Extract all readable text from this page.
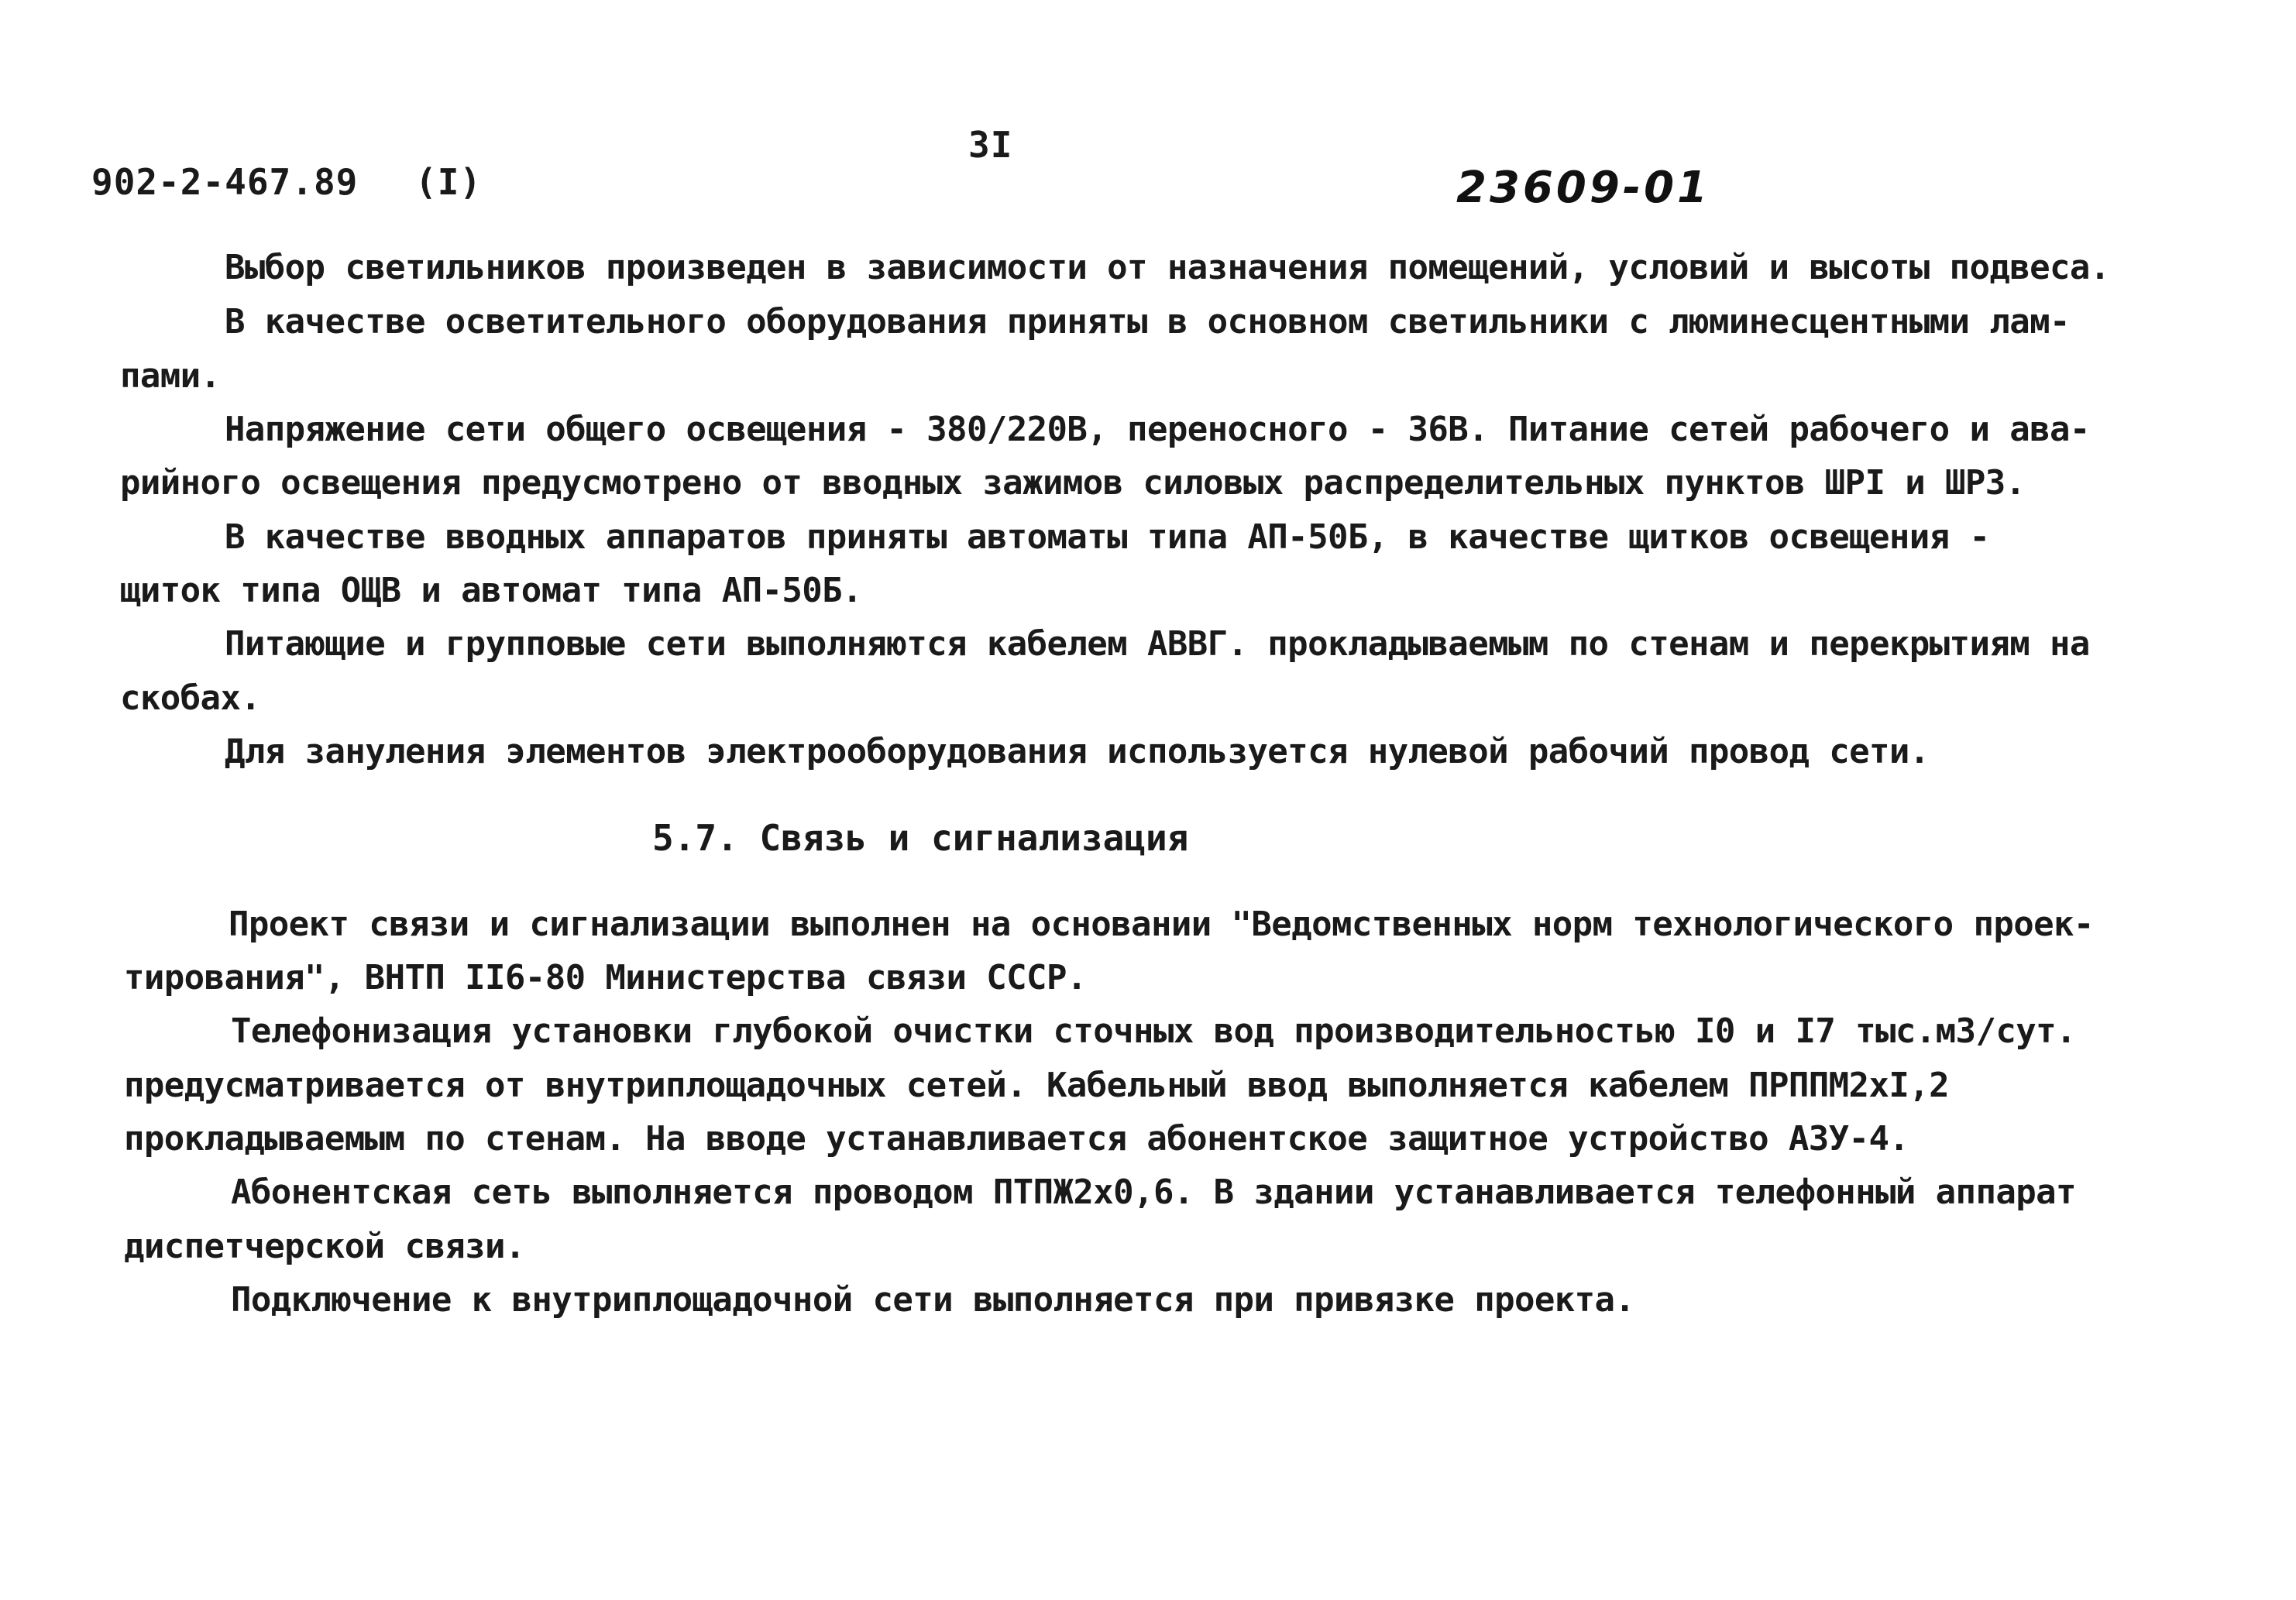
3I
902-2-467.89 (I)	23609-01
Выбор светильников произведен в зависимости от назначения помещений, условий и высоты подвеса.
В качестве осветительного оборудования приняты в основном светильники с люминесцентными лам-
пами.
Напряжение сети общего освещения - 380/220В, переносного - 36В. Питание сетей рабочего и ава-
рийного освещения предусмотрено от вводных зажимов силовых распределительных пунктов ШРI и ШР3.
В качестве вводных аппаратов приняты автоматы типа АП-50Б, в качестве щитков освещения -
щиток типа ОЩВ и автомат типа АП-50Б.
Питающие и групповые сети выполняются кабелем АВВГ. прокладываемым по стенам и перекрытиям на
скобах.
Для зануления элементов электрооборудования используется нулевой рабочий провод сети.
5.7. Связь и сигнализация
Проект связи и сигнализации выполнен на основании "Ведомственных норм технологического проек-
тирования", ВНТП II6-80 Министерства связи СССР.
Телефонизация установки глубокой очистки сточных вод производительностью I0 и I7 тыс.м3/сут.
предусматривается от внутриплощадочных сетей. Кабельный ввод выполняется кабелем ПРППМ2хI,2
прокладываемым по стенам. На вводе устанавливается абонентское защитное устройство АЗУ-4.
Абонентская сеть выполняется проводом ПТПЖ2х0,6. В здании устанавливается телефонный аппарат
диспетчерской связи.
Подключение к внутриплощадочной сети выполняется при привязке проекта.
